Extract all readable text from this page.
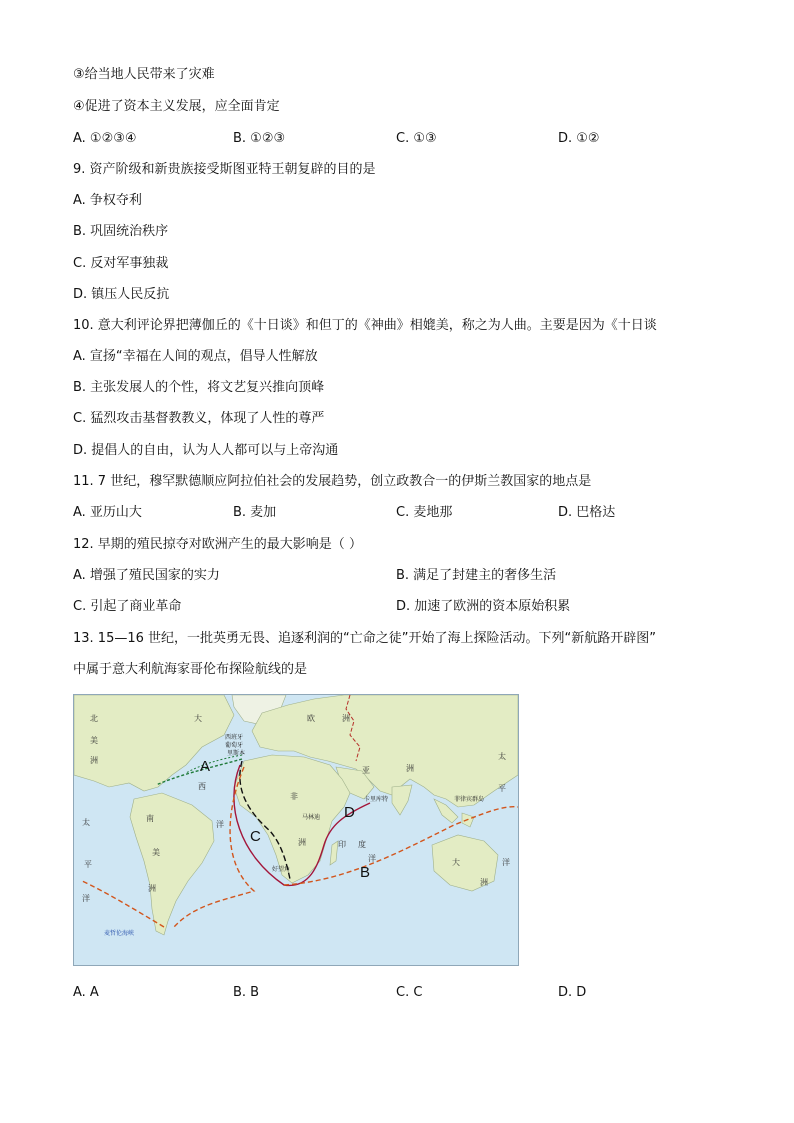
③给当地人民带来了灾难
④促进了资本主义发展，应全面肯定
A. ①②③④	B. ①②③	C. ①③	D. ①②
9. 资产阶级和新贵族接受斯图亚特王朝复辟的目的是
A. 争权夺利
B. 巩固统治秩序
C. 反对军事独裁
D. 镇压人民反抗
10. 意大利评论界把薄伽丘的《十日谈》和但丁的《神曲》相媲美，称之为人曲。主要是因为《十日谈
A. 宣扬“幸福在人间的观点，倡导人性解放
B. 主张发展人的个性，将文艺复兴推向顶峰
C. 猛烈攻击基督教教义，体现了人性的尊严
D. 提倡人的自由，认为人人都可以与上帝沟通
11. 7 世纪，穆罕默德顺应阿拉伯社会的发展趋势，创立政教合一的伊斯兰教国家的地点是
A. 亚历山大	B. 麦加	C. 麦地那	D. 巴格达
12. 早期的殖民掠夺对欧洲产生的最大影响是（ ）
A. 增强了殖民国家的实力	B. 满足了封建主的奢侈生活
C. 引起了商业革命	D. 加速了欧洲的资本原始积累
13. 15—16 世纪，一批英勇无畏、追逐利润的“亡命之徒”开始了海上探险活动。下列“新航路开辟图”
中属于意大利航海家哥伦布探险航线的是
北
美
洲
南
美
洲
欧	洲
亚	洲
非
洲
大	洋
洲
大
西
洋
太
平
洋
太
平
印 度
洋
西班牙
葡萄牙
里斯本
卡里库特
马林迪
好望角
菲律宾群岛
麦哲伦海峡
A
B
C
D
A. A	B. B	C. C	D. D
